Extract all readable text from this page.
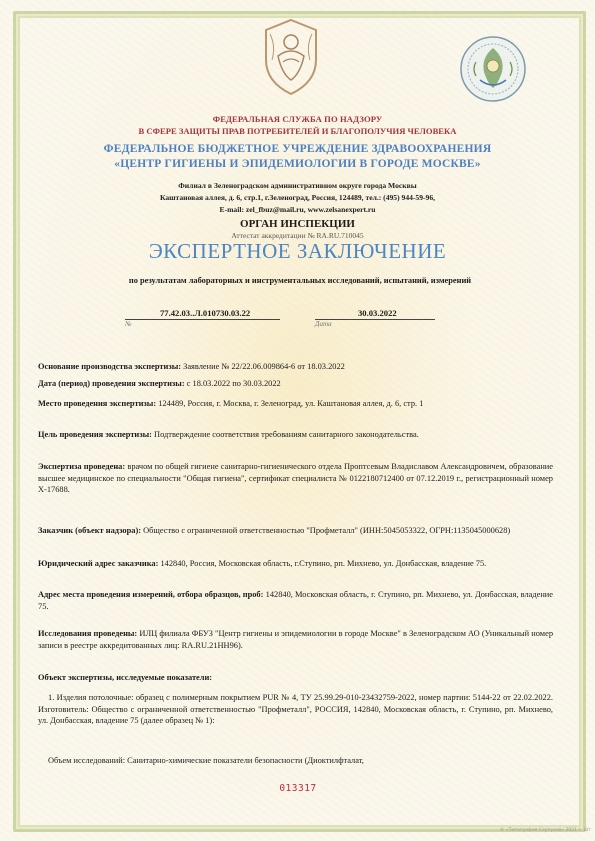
ФЕДЕРАЛЬНАЯ СЛУЖБА ПО НАДЗОРУ
В СФЕРЕ ЗАЩИТЫ ПРАВ ПОТРЕБИТЕЛЕЙ И БЛАГОПОЛУЧИЯ ЧЕЛОВЕКА
ФЕДЕРАЛЬНОЕ БЮДЖЕТНОЕ УЧРЕЖДЕНИЕ ЗДРАВООХРАНЕНИЯ
«ЦЕНТР ГИГИЕНЫ И ЭПИДЕМИОЛОГИИ В ГОРОДЕ МОСКВЕ»
Филиал в Зеленоградском административном округе города Москвы
Каштановая аллея, д. 6, стр.1, г.Зеленоград, Россия, 124489, тел.: (495) 944-59-96,
E-mail: zel_fbuz@mail.ru, www.zelsanexpert.ru
ОРГАН ИНСПЕКЦИИ
Аттестат аккредитации № RA.RU.710045
ЭКСПЕРТНОЕ ЗАКЛЮЧЕНИЕ
по результатам лабораторных и инструментальных исследований, испытаний, измерений
77.42.03..Л.010730.03.22	30.03.2022
№	Дата
Основание производства экспертизы: Заявление № 22/22.06.009864-6 от 18.03.2022
Дата (период) проведения экспертизы: с 18.03.2022 по 30.03.2022
Место проведения экспертизы: 124489, Россия, г. Москва, г. Зеленоград, ул. Каштановая аллея, д. 6, стр. 1
Цель проведения экспертизы: Подтверждение соответствия требованиям санитарного законодательства.
Экспертиза проведена: врачом по общей гигиене санитарно-гигиенического отдела Проптсевым Владиславом Александровичем, образование высшее медицинское по специальности "Общая гигиена", сертификат специалиста № 0122180712400 от 07.12.2019 г., регистрационный номер Х-17688.
Заказчик (объект надзора): Общество с ограниченной ответственностью "Профметалл" (ИНН:5045053322, ОГРН:1135045000628)
Юридический адрес заказчика: 142840, Россия, Московская область, г.Ступино, рп. Михнево, ул. Донбасская, владение 75.
Адрес места проведения измерений, отбора образцов, проб: 142840, Московская область, г. Ступино, рп. Михнево, ул. Донбасская, владение 75.
Исследования проведены: ИЛЦ филиала ФБУЗ "Центр гигиены и эпидемиологии в городе Москве" в Зеленоградском АО (Уникальный номер записи в реестре аккредитованных лиц: RA.RU.21НН96).
Объект экспертизы, исследуемые показатели:
1. Изделия потолочные: образец с полимерным покрытием PUR № 4, ТУ 25.99.29-010-23432759-2022, номер партии: 5144-22 от 22.02.2022. Изготовитель: Общество с ограниченной ответственностью "Профметалл", РОССИЯ, 142840, Московская область, г. Ступино, рп. Михнево, ул. Донбасская, владение 75 (далее образец № 1):
Объем исследований: Санитарно-химические показатели безопасности (Диоктилфталат,
013317
© «Типография Серпухов» 2021 г. Шт
